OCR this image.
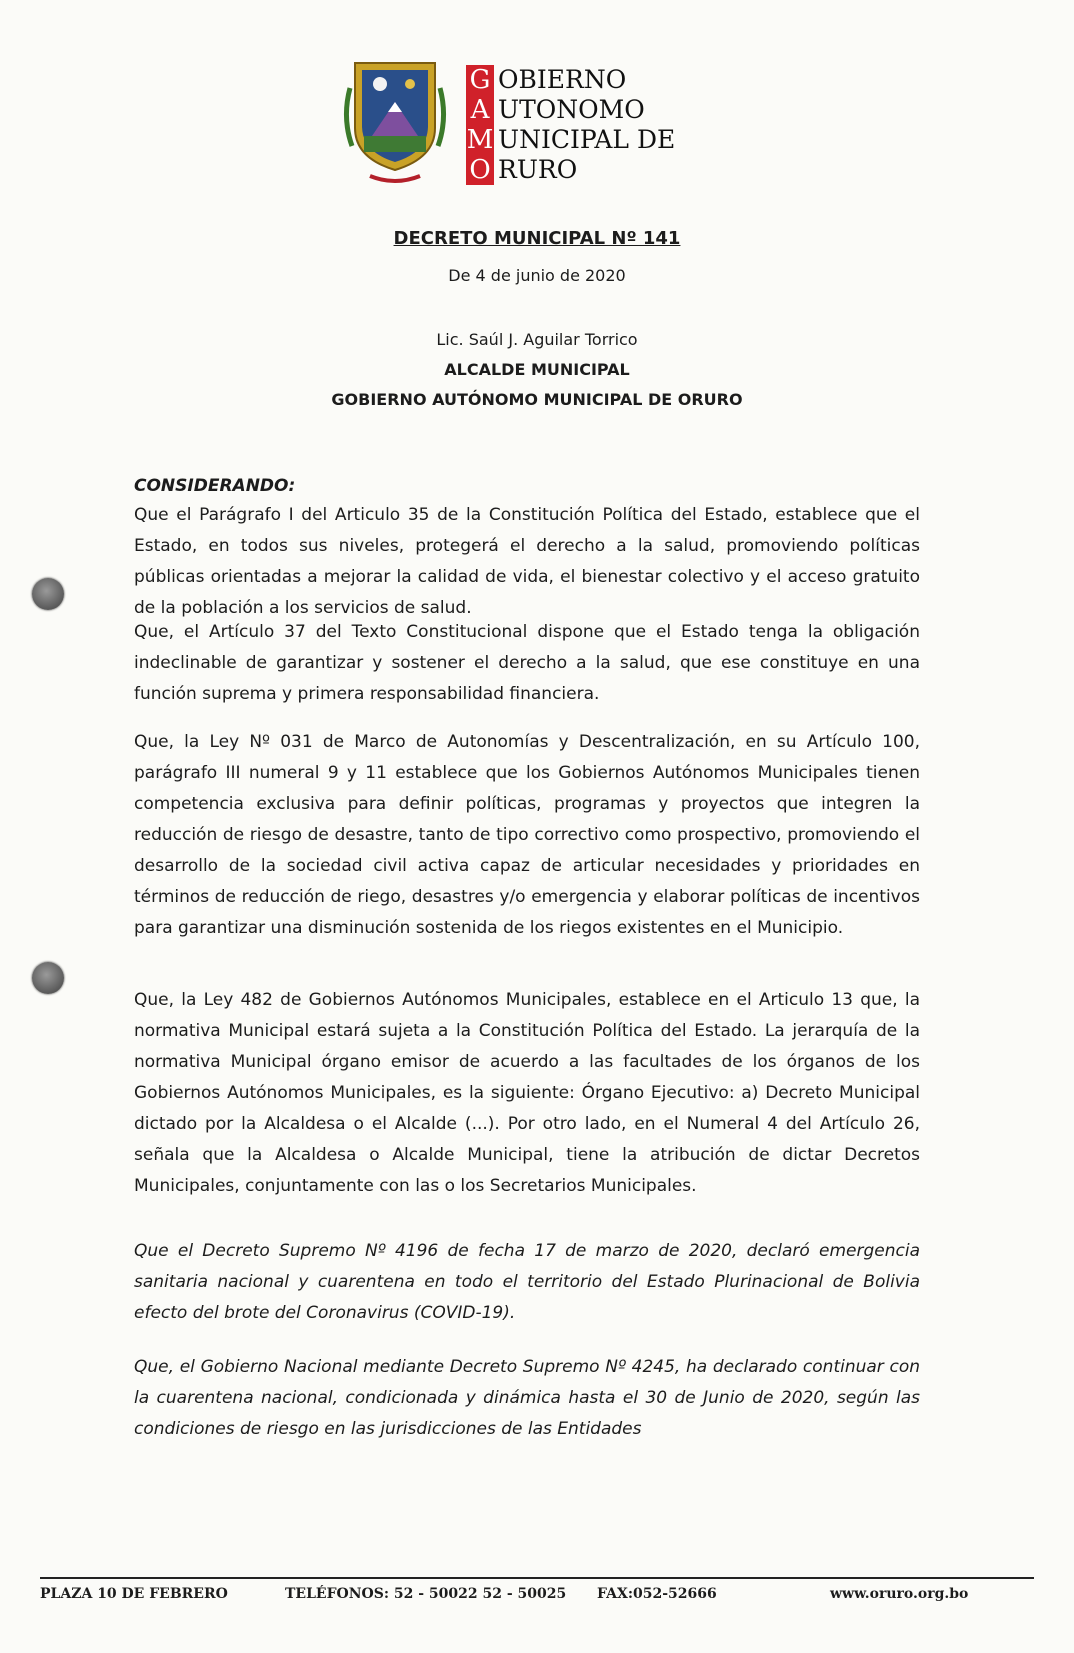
G
A
M
O
OBIERNO
UTONOMO
UNICIPAL DE
RURO
DECRETO MUNICIPAL Nº 141
De 4 de junio de 2020
Lic. Saúl J. Aguilar Torrico
ALCALDE MUNICIPAL
GOBIERNO AUTÓNOMO MUNICIPAL DE ORURO
CONSIDERANDO:

Que el Parágrafo I del Articulo 35 de la Constitución Política del Estado, establece que el Estado, en todos sus niveles, protegerá el derecho a la salud, promoviendo políticas públicas orientadas a mejorar la calidad de vida, el bienestar colectivo y el acceso gratuito de la población a los servicios de salud.

Que, el Artículo 37 del Texto Constitucional dispone que el Estado tenga la obligación indeclinable de garantizar y sostener el derecho a la salud, que ese constituye en una función suprema y primera responsabilidad financiera.

Que, la Ley Nº 031 de Marco de Autonomías y Descentralización, en su Artículo 100, parágrafo III numeral 9 y 11 establece que los Gobiernos Autónomos Municipales tienen competencia exclusiva para definir políticas, programas y proyectos que integren la reducción de riesgo de desastre, tanto de tipo correctivo como prospectivo, promoviendo el desarrollo de la sociedad civil activa capaz de articular necesidades y prioridades en términos de reducción de riego, desastres y/o emergencia y elaborar políticas de incentivos para garantizar una disminución sostenida de los riegos existentes en el Municipio.

Que, la Ley 482 de Gobiernos Autónomos Municipales, establece en el Articulo 13 que, la normativa Municipal estará sujeta a la Constitución Política del Estado. La jerarquía de la normativa Municipal órgano emisor de acuerdo a las facultades de los órganos de los Gobiernos Autónomos Municipales, es la siguiente: Órgano Ejecutivo: a) Decreto Municipal dictado por la Alcaldesa o el Alcalde (...). Por otro lado, en el Numeral 4 del Artículo 26, señala que la Alcaldesa o Alcalde Municipal, tiene la atribución de dictar Decretos Municipales, conjuntamente con las o los Secretarios Municipales.

Que el Decreto Supremo Nº 4196 de fecha 17 de marzo de 2020, declaró emergencia sanitaria nacional y cuarentena en todo el territorio del Estado Plurinacional de Bolivia efecto del brote del Coronavirus (COVID-19).

Que, el Gobierno Nacional mediante Decreto Supremo Nº 4245, ha declarado continuar con la cuarentena nacional, condicionada y dinámica hasta el 30 de Junio de 2020, según las condiciones de riesgo en las jurisdicciones de las Entidades

PLAZA 10 DE FEBRERO	TELÉFONOS: 52 - 50022 52 - 50025 FAX:052-52666	www.oruro.org.bo
